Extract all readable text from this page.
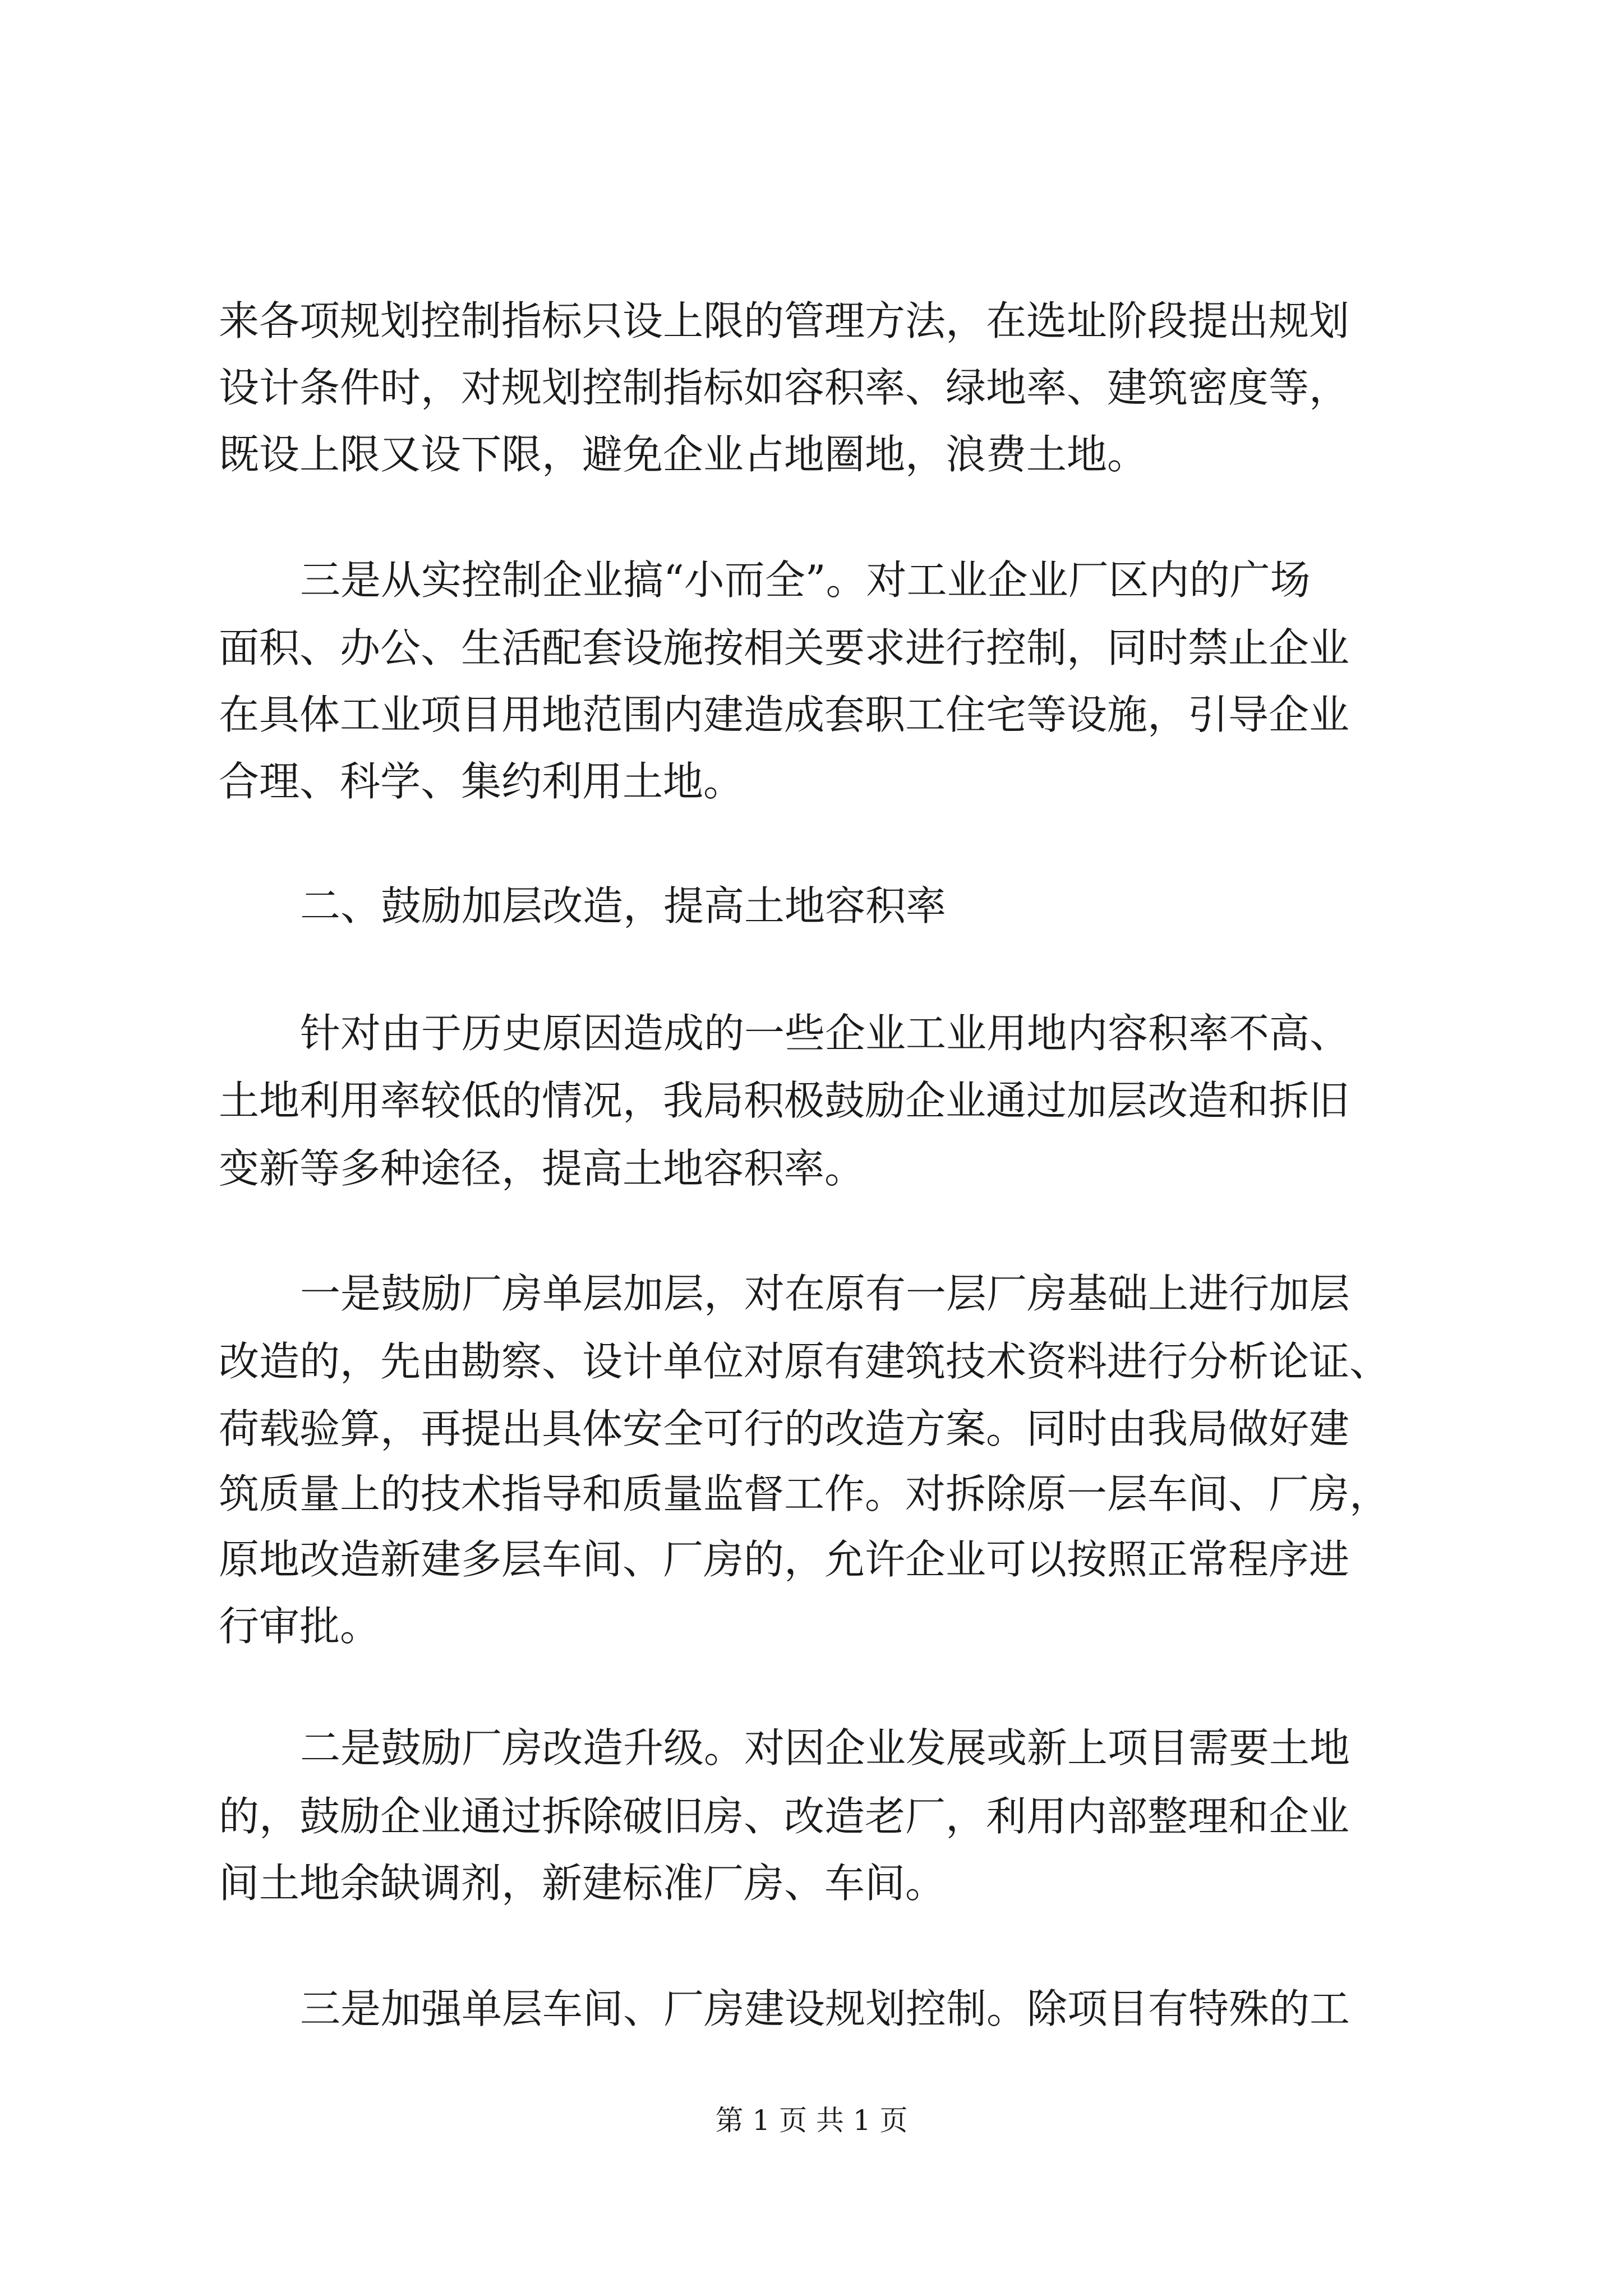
来各项规划控制指标只设上限的管理方法，在选址阶段提出规划
设计条件时，对规划控制指标如容积率、绿地率、建筑密度等，
既设上限又设下限，避免企业占地圈地，浪费土地。
三是从实控制企业搞“小而全”。对工业企业厂区内的广场
面积、办公、生活配套设施按相关要求进行控制，同时禁止企业
在具体工业项目用地范围内建造成套职工住宅等设施，引导企业
合理、科学、集约利用土地。
二、鼓励加层改造，提高土地容积率
针对由于历史原因造成的一些企业工业用地内容积率不高、
土地利用率较低的情况，我局积极鼓励企业通过加层改造和拆旧
变新等多种途径，提高土地容积率。
一是鼓励厂房单层加层，对在原有一层厂房基础上进行加层
改造的，先由勘察、设计单位对原有建筑技术资料进行分析论证、
荷载验算，再提出具体安全可行的改造方案。同时由我局做好建
筑质量上的技术指导和质量监督工作。对拆除原一层车间、厂房，
原地改造新建多层车间、厂房的，允许企业可以按照正常程序进
行审批。
二是鼓励厂房改造升级。对因企业发展或新上项目需要土地
的，鼓励企业通过拆除破旧房、改造老厂，利用内部整理和企业
间土地余缺调剂，新建标准厂房、车间。
三是加强单层车间、厂房建设规划控制。除项目有特殊的工
第 1 页 共 1 页
